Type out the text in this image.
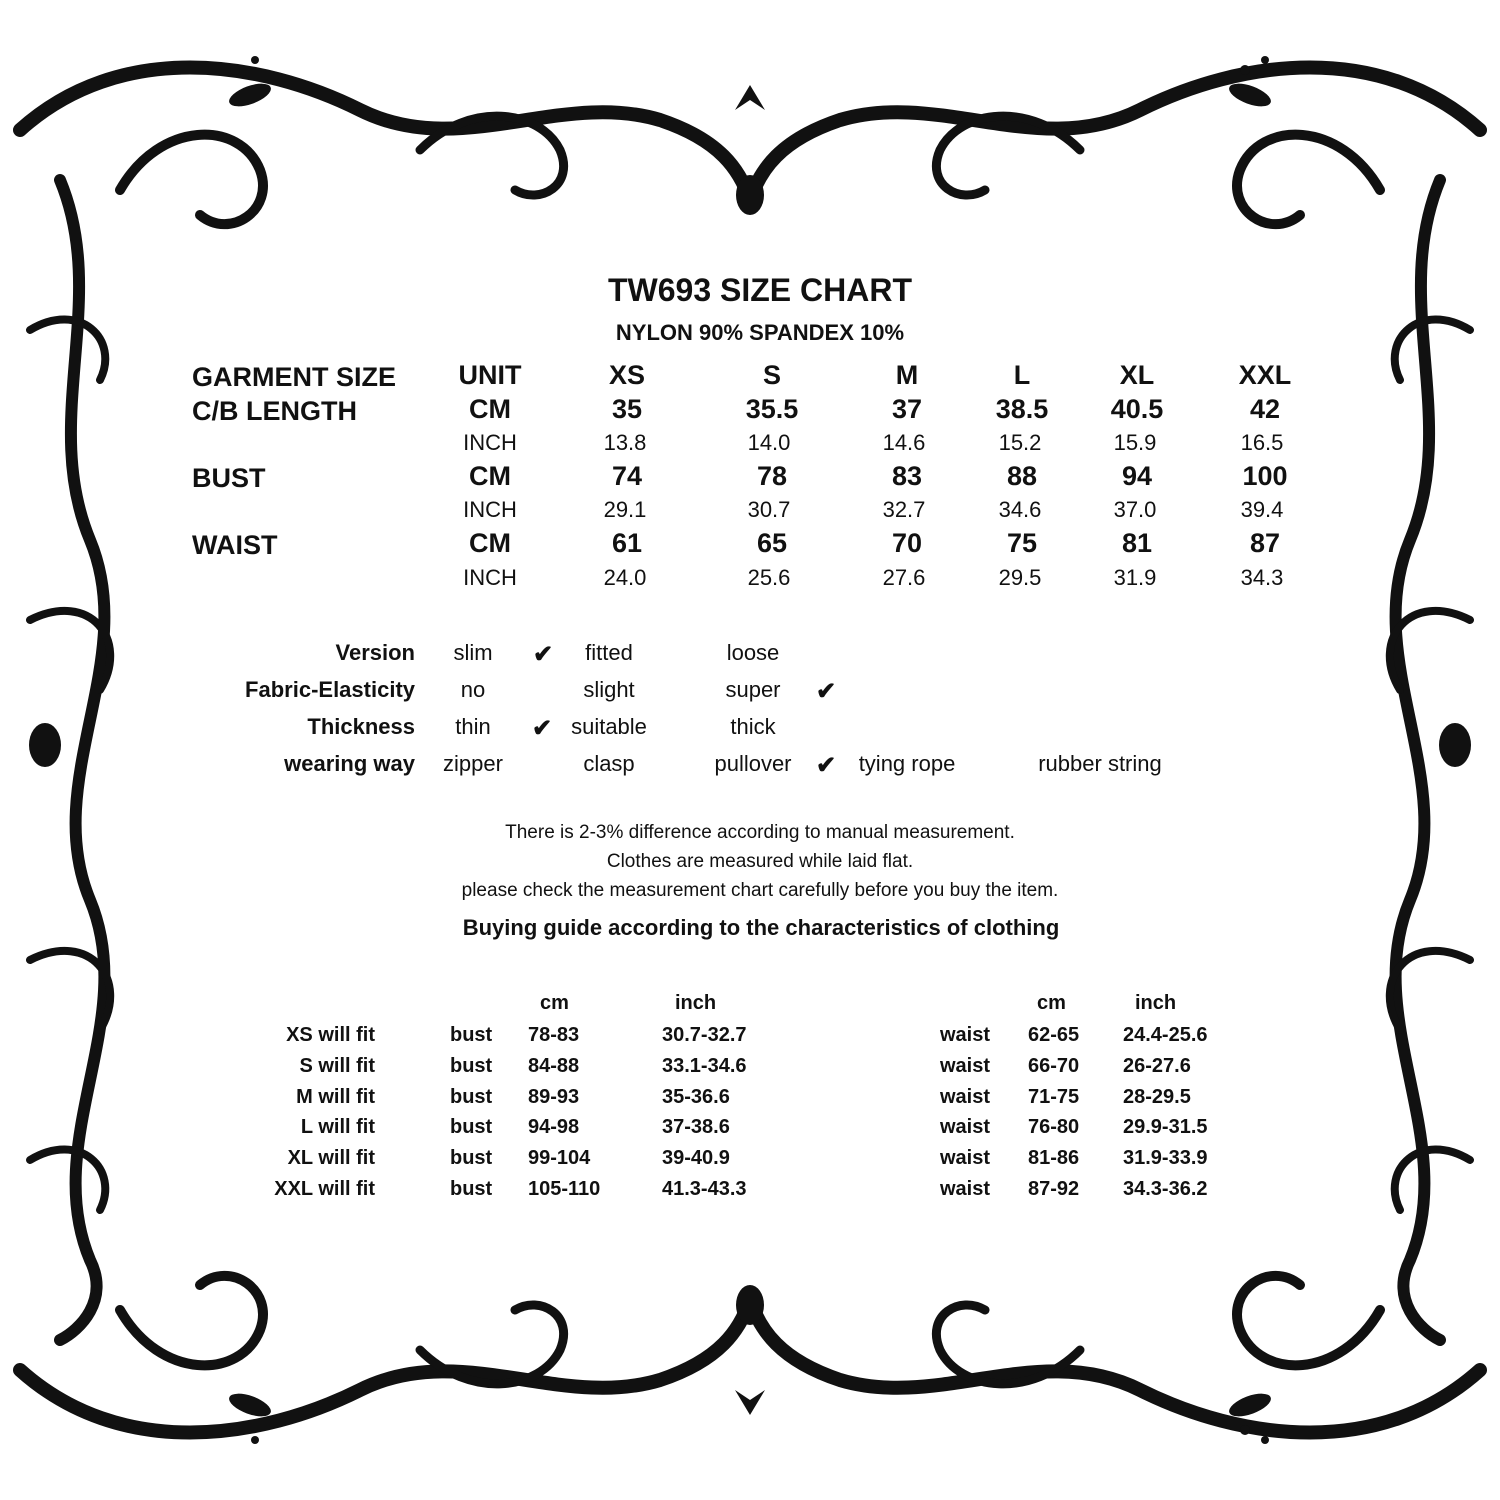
TW693 SIZE CHART
NYLON 90% SPANDEX 10%
GARMENT SIZE	UNIT	XS	S	M	L	XL	XXL
C/B LENGTH	CM	35	35.5	37	38.5	40.5	42
INCH	13.8	14.0	14.6	15.2	15.9	16.5
BUST	CM	74	78	83	88	94	100
INCH	29.1	30.7	32.7	34.6	37.0	39.4
WAIST	CM	61	65	70	75	81	87
INCH	24.0	25.6	27.6	29.5	31.9	34.3
Version	slim	✔	fitted	loose
Fabric-Elasticity	no	slight	super	✔
Thickness	thin	✔ suitable	thick
wearing way	zipper	clasp	pullover	✔	tying rope	rubber string
There is 2-3% difference according to manual measurement.
Clothes are measured while laid flat.
please check the measurement chart carefully before you buy the item.
Buying guide according to the characteristics of clothing
cm	inch	cm	inch
XS will fit	bust 78-83	30.7-32.7	waist 62-65 24.4-25.6
S will fit	bust 84-88	33.1-34.6	waist 66-70 26-27.6
M will fit	bust 89-93	35-36.6	waist 71-75 28-29.5
L will fit	bust 94-98	37-38.6	waist 76-80 29.9-31.5
XL will fit	bust 99-104	39-40.9	waist 81-86 31.9-33.9
XXL will fit	bust 105-110	41.3-43.3	waist 87-92 34.3-36.2
